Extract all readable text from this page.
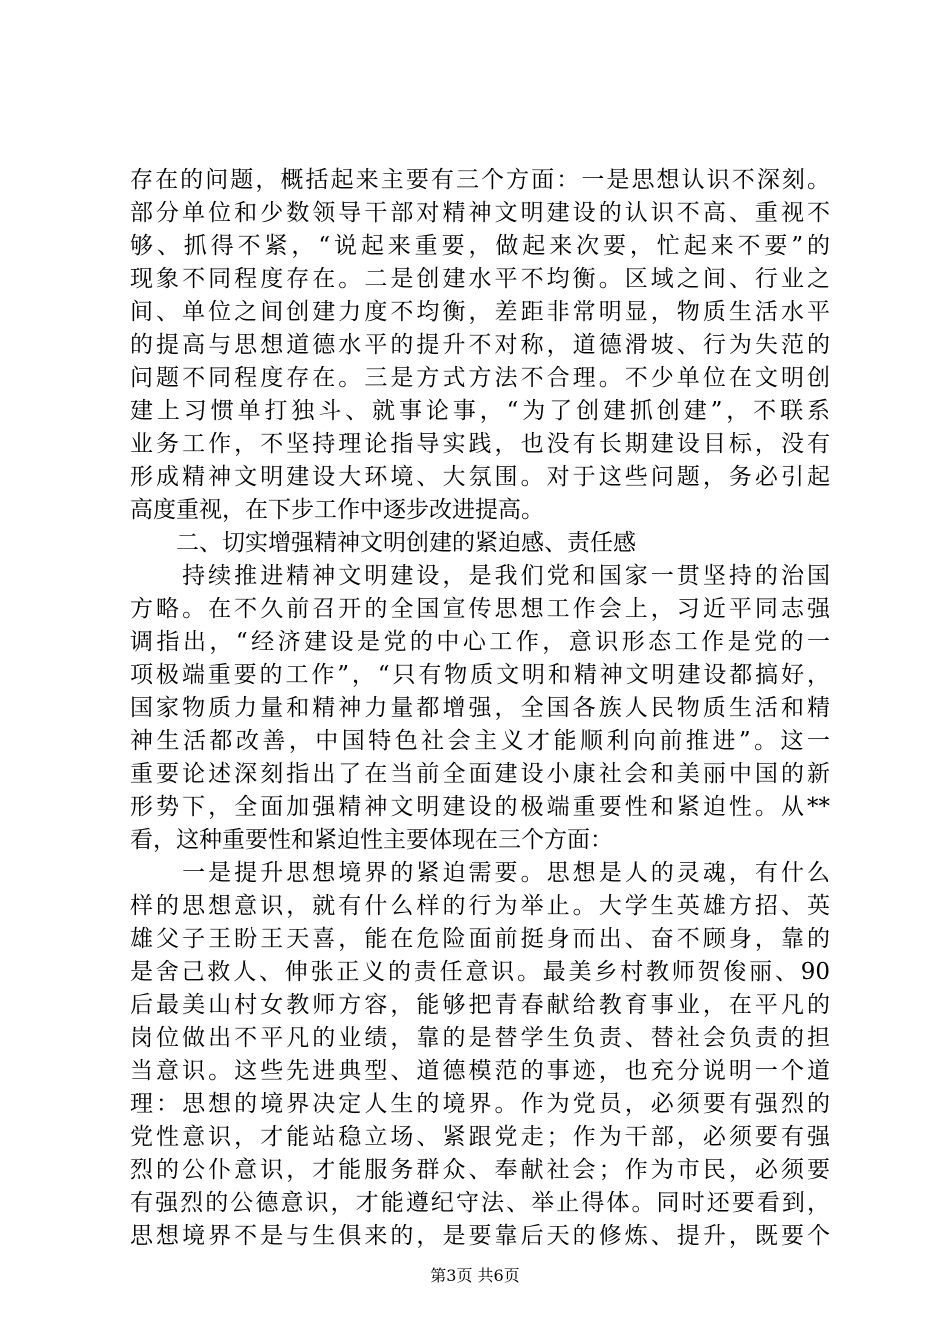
存在的问题，概括起来主要有三个方面：一是思想认识不深刻。
部分单位和少数领导干部对精神文明建设的认识不高、重视不
够、抓得不紧，“说起来重要，做起来次要，忙起来不要”的
现象不同程度存在。二是创建水平不均衡。区域之间、行业之
间、单位之间创建力度不均衡，差距非常明显，物质生活水平
的提高与思想道德水平的提升不对称，道德滑坡、行为失范的
问题不同程度存在。三是方式方法不合理。不少单位在文明创
建上习惯单打独斗、就事论事，“为了创建抓创建”，不联系
业务工作，不坚持理论指导实践，也没有长期建设目标，没有
形成精神文明建设大环境、大氛围。对于这些问题，务必引起
高度重视，在下步工作中逐步改进提高。
　　二、切实增强精神文明创建的紧迫感、责任感
　　持续推进精神文明建设，是我们党和国家一贯坚持的治国
方略。在不久前召开的全国宣传思想工作会上，习近平同志强
调指出，“经济建设是党的中心工作，意识形态工作是党的一
项极端重要的工作”，“只有物质文明和精神文明建设都搞好，
国家物质力量和精神力量都增强，全国各族人民物质生活和精
神生活都改善，中国特色社会主义才能顺利向前推进”。这一
重要论述深刻指出了在当前全面建设小康社会和美丽中国的新
形势下，全面加强精神文明建设的极端重要性和紧迫性。从**
看，这种重要性和紧迫性主要体现在三个方面：
　　一是提升思想境界的紧迫需要。思想是人的灵魂，有什么
样的思想意识，就有什么样的行为举止。大学生英雄方招、英
雄父子王盼王天喜，能在危险面前挺身而出、奋不顾身，靠的
是舍己救人、伸张正义的责任意识。最美乡村教师贺俊丽、90
后最美山村女教师方容，能够把青春献给教育事业，在平凡的
岗位做出不平凡的业绩，靠的是替学生负责、替社会负责的担
当意识。这些先进典型、道德模范的事迹，也充分说明一个道
理：思想的境界决定人生的境界。作为党员，必须要有强烈的
党性意识，才能站稳立场、紧跟党走；作为干部，必须要有强
烈的公仆意识，才能服务群众、奉献社会；作为市民，必须要
有强烈的公德意识，才能遵纪守法、举止得体。同时还要看到，
思想境界不是与生俱来的，是要靠后天的修炼、提升，既要个
第3页 共6页
